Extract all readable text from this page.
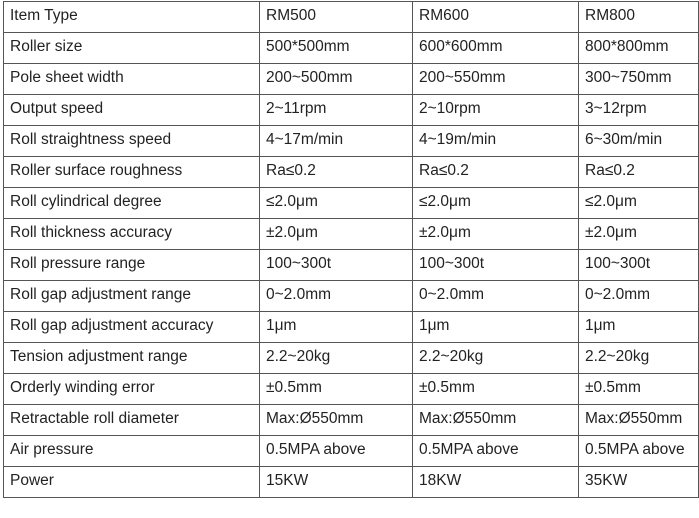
Item Type	RM500	RM600	RM800
Roller size	500*500mm	600*600mm	800*800mm
Pole sheet width	200~500mm	200~550mm	300~750mm
Output speed	2~11rpm	2~10rpm	3~12rpm
Roll straightness speed	4~17m/min	4~19m/min	6~30m/min
Roller surface roughness	Ra≤0.2	Ra≤0.2	Ra≤0.2
Roll cylindrical degree	≤2.0μm	≤2.0μm	≤2.0μm
Roll thickness accuracy	±2.0μm	±2.0μm	±2.0μm
Roll pressure range	100~300t	100~300t	100~300t
Roll gap adjustment range	0~2.0mm	0~2.0mm	0~2.0mm
Roll gap adjustment accuracy	1μm	1μm	1μm
Tension adjustment range	2.2~20kg	2.2~20kg	2.2~20kg
Orderly winding error	±0.5mm	±0.5mm	±0.5mm
Retractable roll diameter	Max:Ø550mm	Max:Ø550mm	Max:Ø550mm
Air pressure	0.5MPA above	0.5MPA above	0.5MPA above
Power	15KW	18KW	35KW
